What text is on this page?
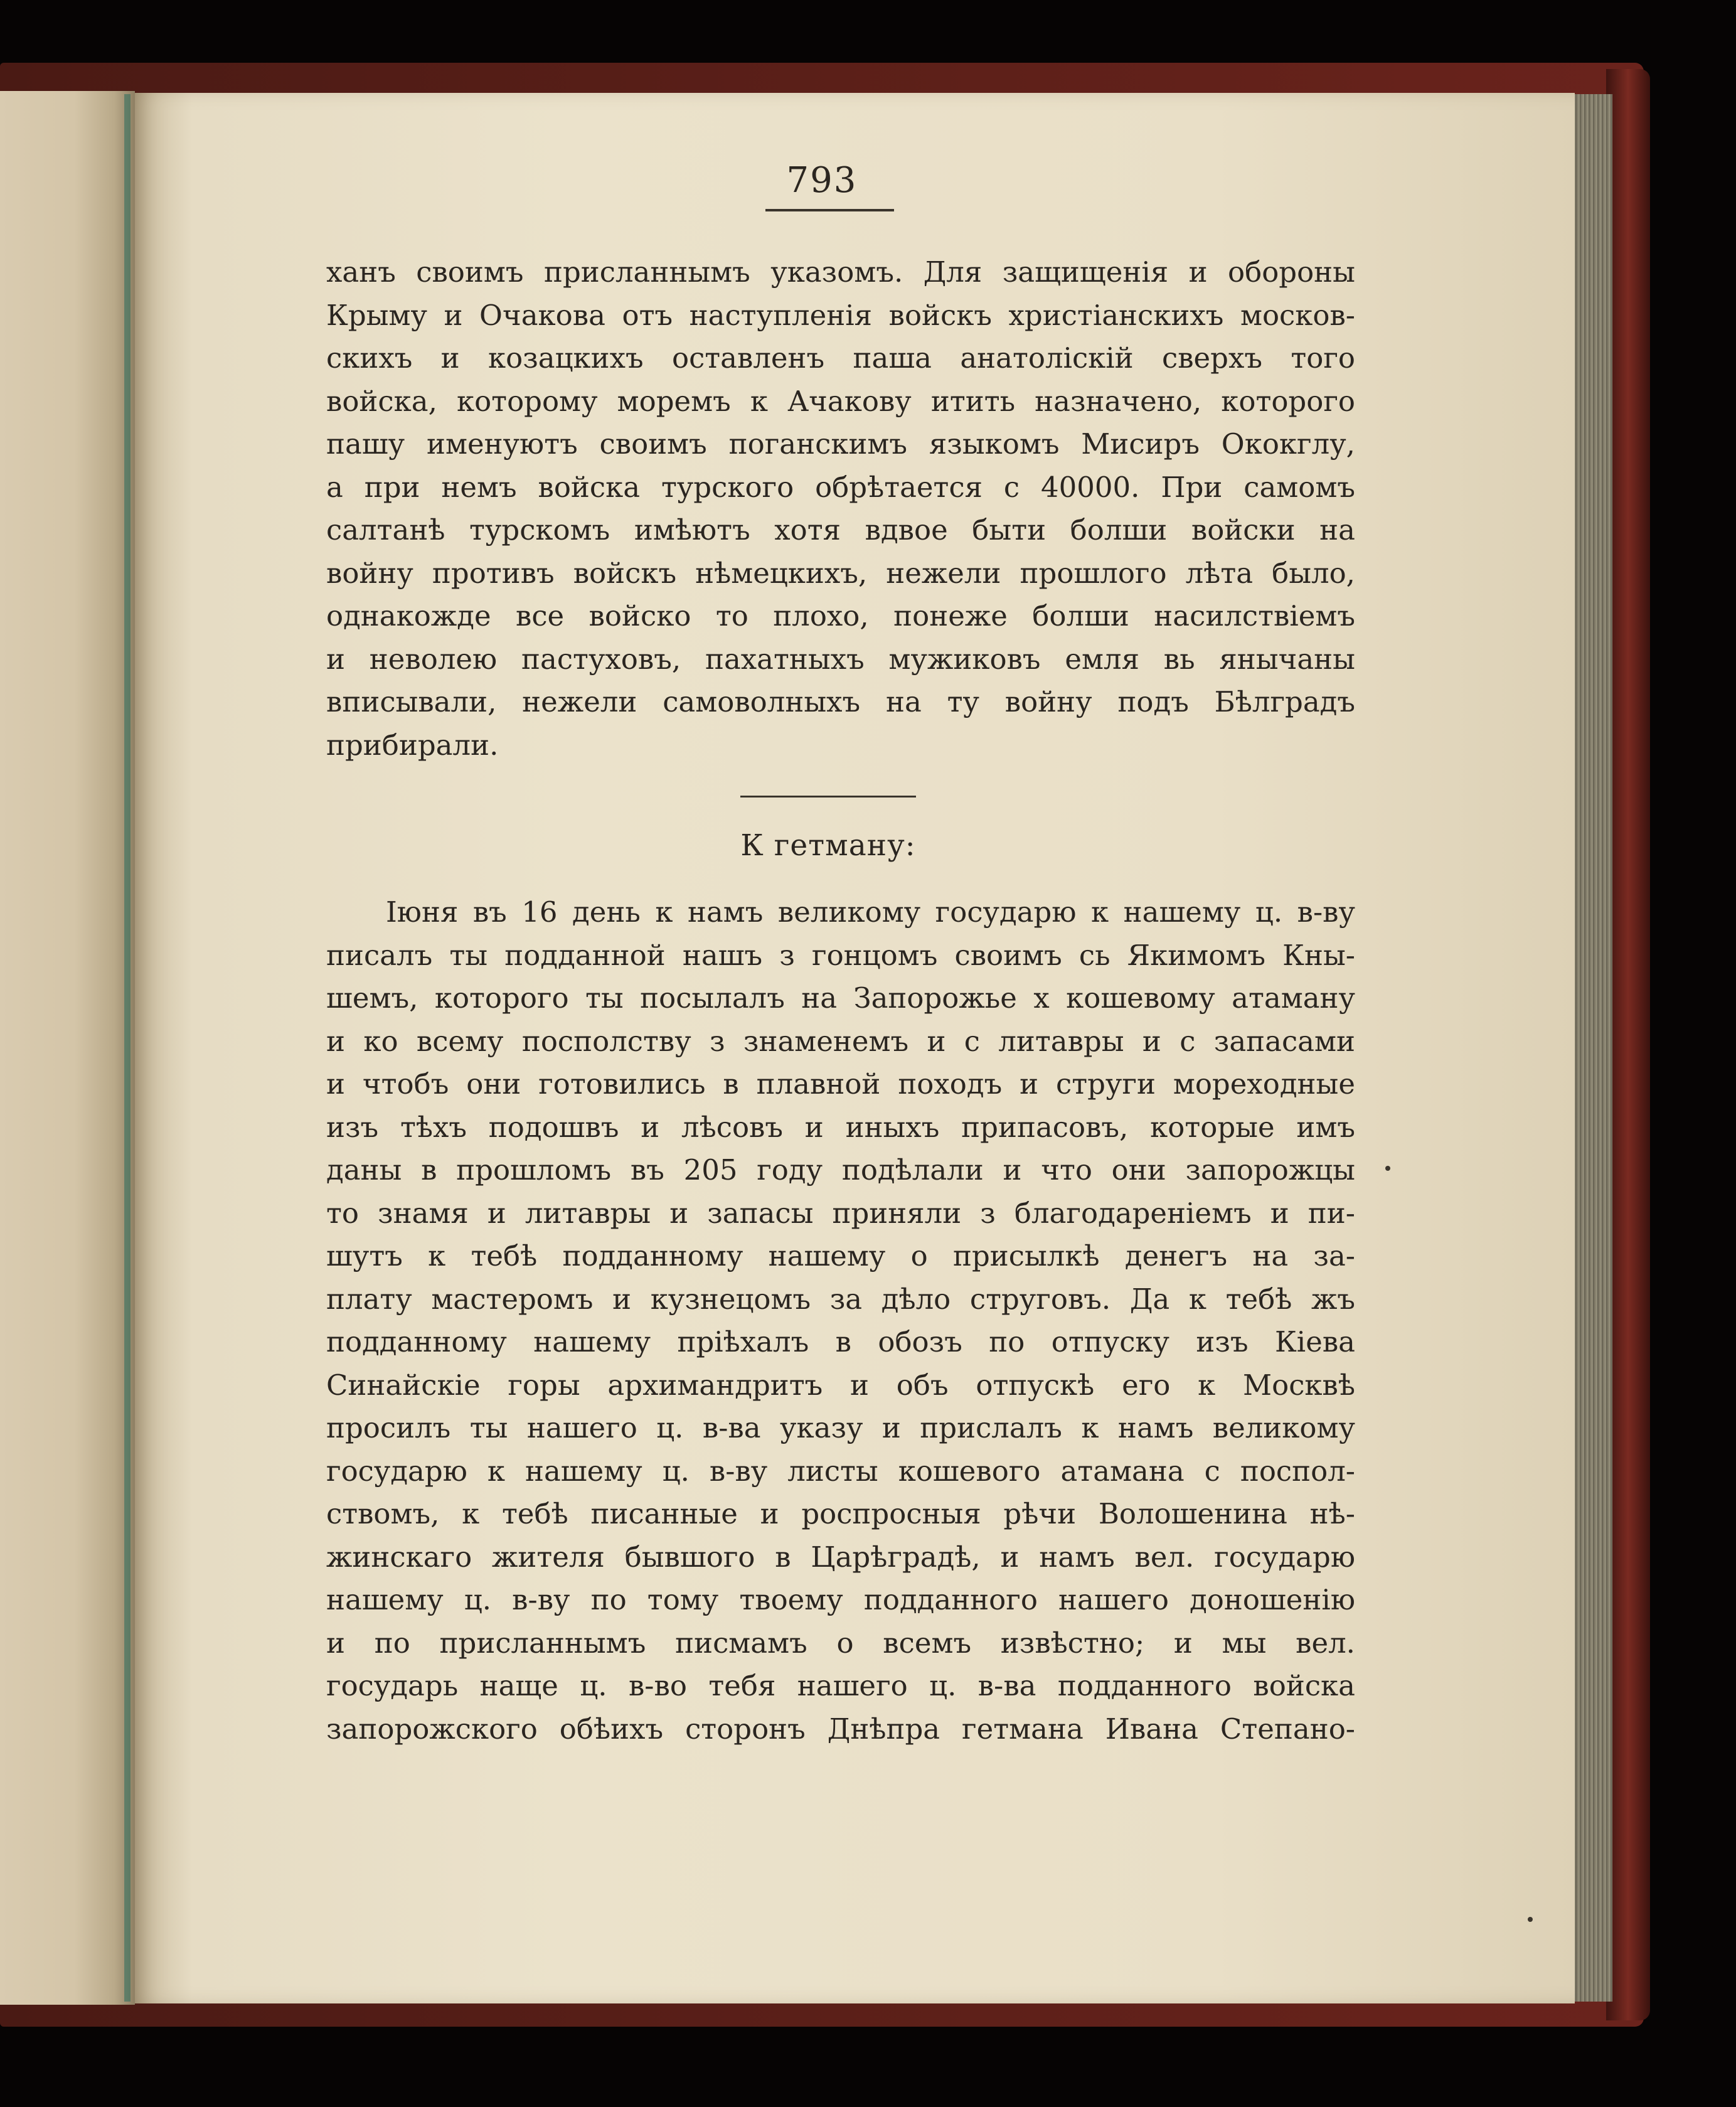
793
ханъ своимъ присланнымъ указомъ. Для защищенія и обороны
Крыму и Очакова отъ наступленія войскъ христіанскихъ москов-
скихъ и козацкихъ оставленъ паша анатоліскій сверхъ того
войска, которому моремъ к Ачакову итить назначено, которого
пашу именуютъ своимъ поганскимъ языкомъ Мисиръ Ококглу,
а при немъ войска турского обрѣтается с 40000. При самомъ
салтанѣ турскомъ имѣютъ хотя вдвое быти болши войски на
войну противъ войскъ нѣмецкихъ, нежели прошлого лѣта было,
однакожде все войско то плохо, понеже болши насилствіемъ
и неволею пастуховъ, пахатныхъ мужиковъ емля вь янычаны
вписывали, нежели самоволныхъ на ту войну подъ Бѣлградъ
прибирали.
К гетману:
Іюня въ 16 день к намъ великому государю к нашему ц. в-ву
писалъ ты подданной нашъ з гонцомъ своимъ сь Якимомъ Кны-
шемъ, которого ты посылалъ на Запорожье х кошевому атаману
и ко всему посполству з знаменемъ и с литавры и с запасами
и чтобъ они готовились в плавной походъ и струги мореходные
изъ тѣхъ подошвъ и лѣсовъ и иныхъ припасовъ, которые имъ
даны в прошломъ въ 205 году подѣлали и что они запорожцы
то знамя и литавры и запасы приняли з благодареніемъ и пи-
шутъ к тебѣ подданному нашему о присылкѣ денегъ на за-
плату мастеромъ и кузнецомъ за дѣло струговъ. Да к тебѣ жъ
подданному нашему пріѣхалъ в обозъ по отпуску изъ Кіева
Синайскіе горы архимандритъ и объ отпускѣ его к Москвѣ
просилъ ты нашего ц. в-ва указу и прислалъ к намъ великому
государю к нашему ц. в-ву листы кошевого атамана с поспол-
ствомъ, к тебѣ писанные и роспросныя рѣчи Волошенина нѣ-
жинскаго жителя бывшого в Царѣградѣ, и намъ вел. государю
нашему ц. в-ву по тому твоему подданного нашего доношенію
и по присланнымъ писмамъ о всемъ извѣстно; и мы вел.
государь наще ц. в-во тебя нашего ц. в-ва подданного войска
запорожского обѣихъ сторонъ Днѣпра гетмана Ивана Степано-
